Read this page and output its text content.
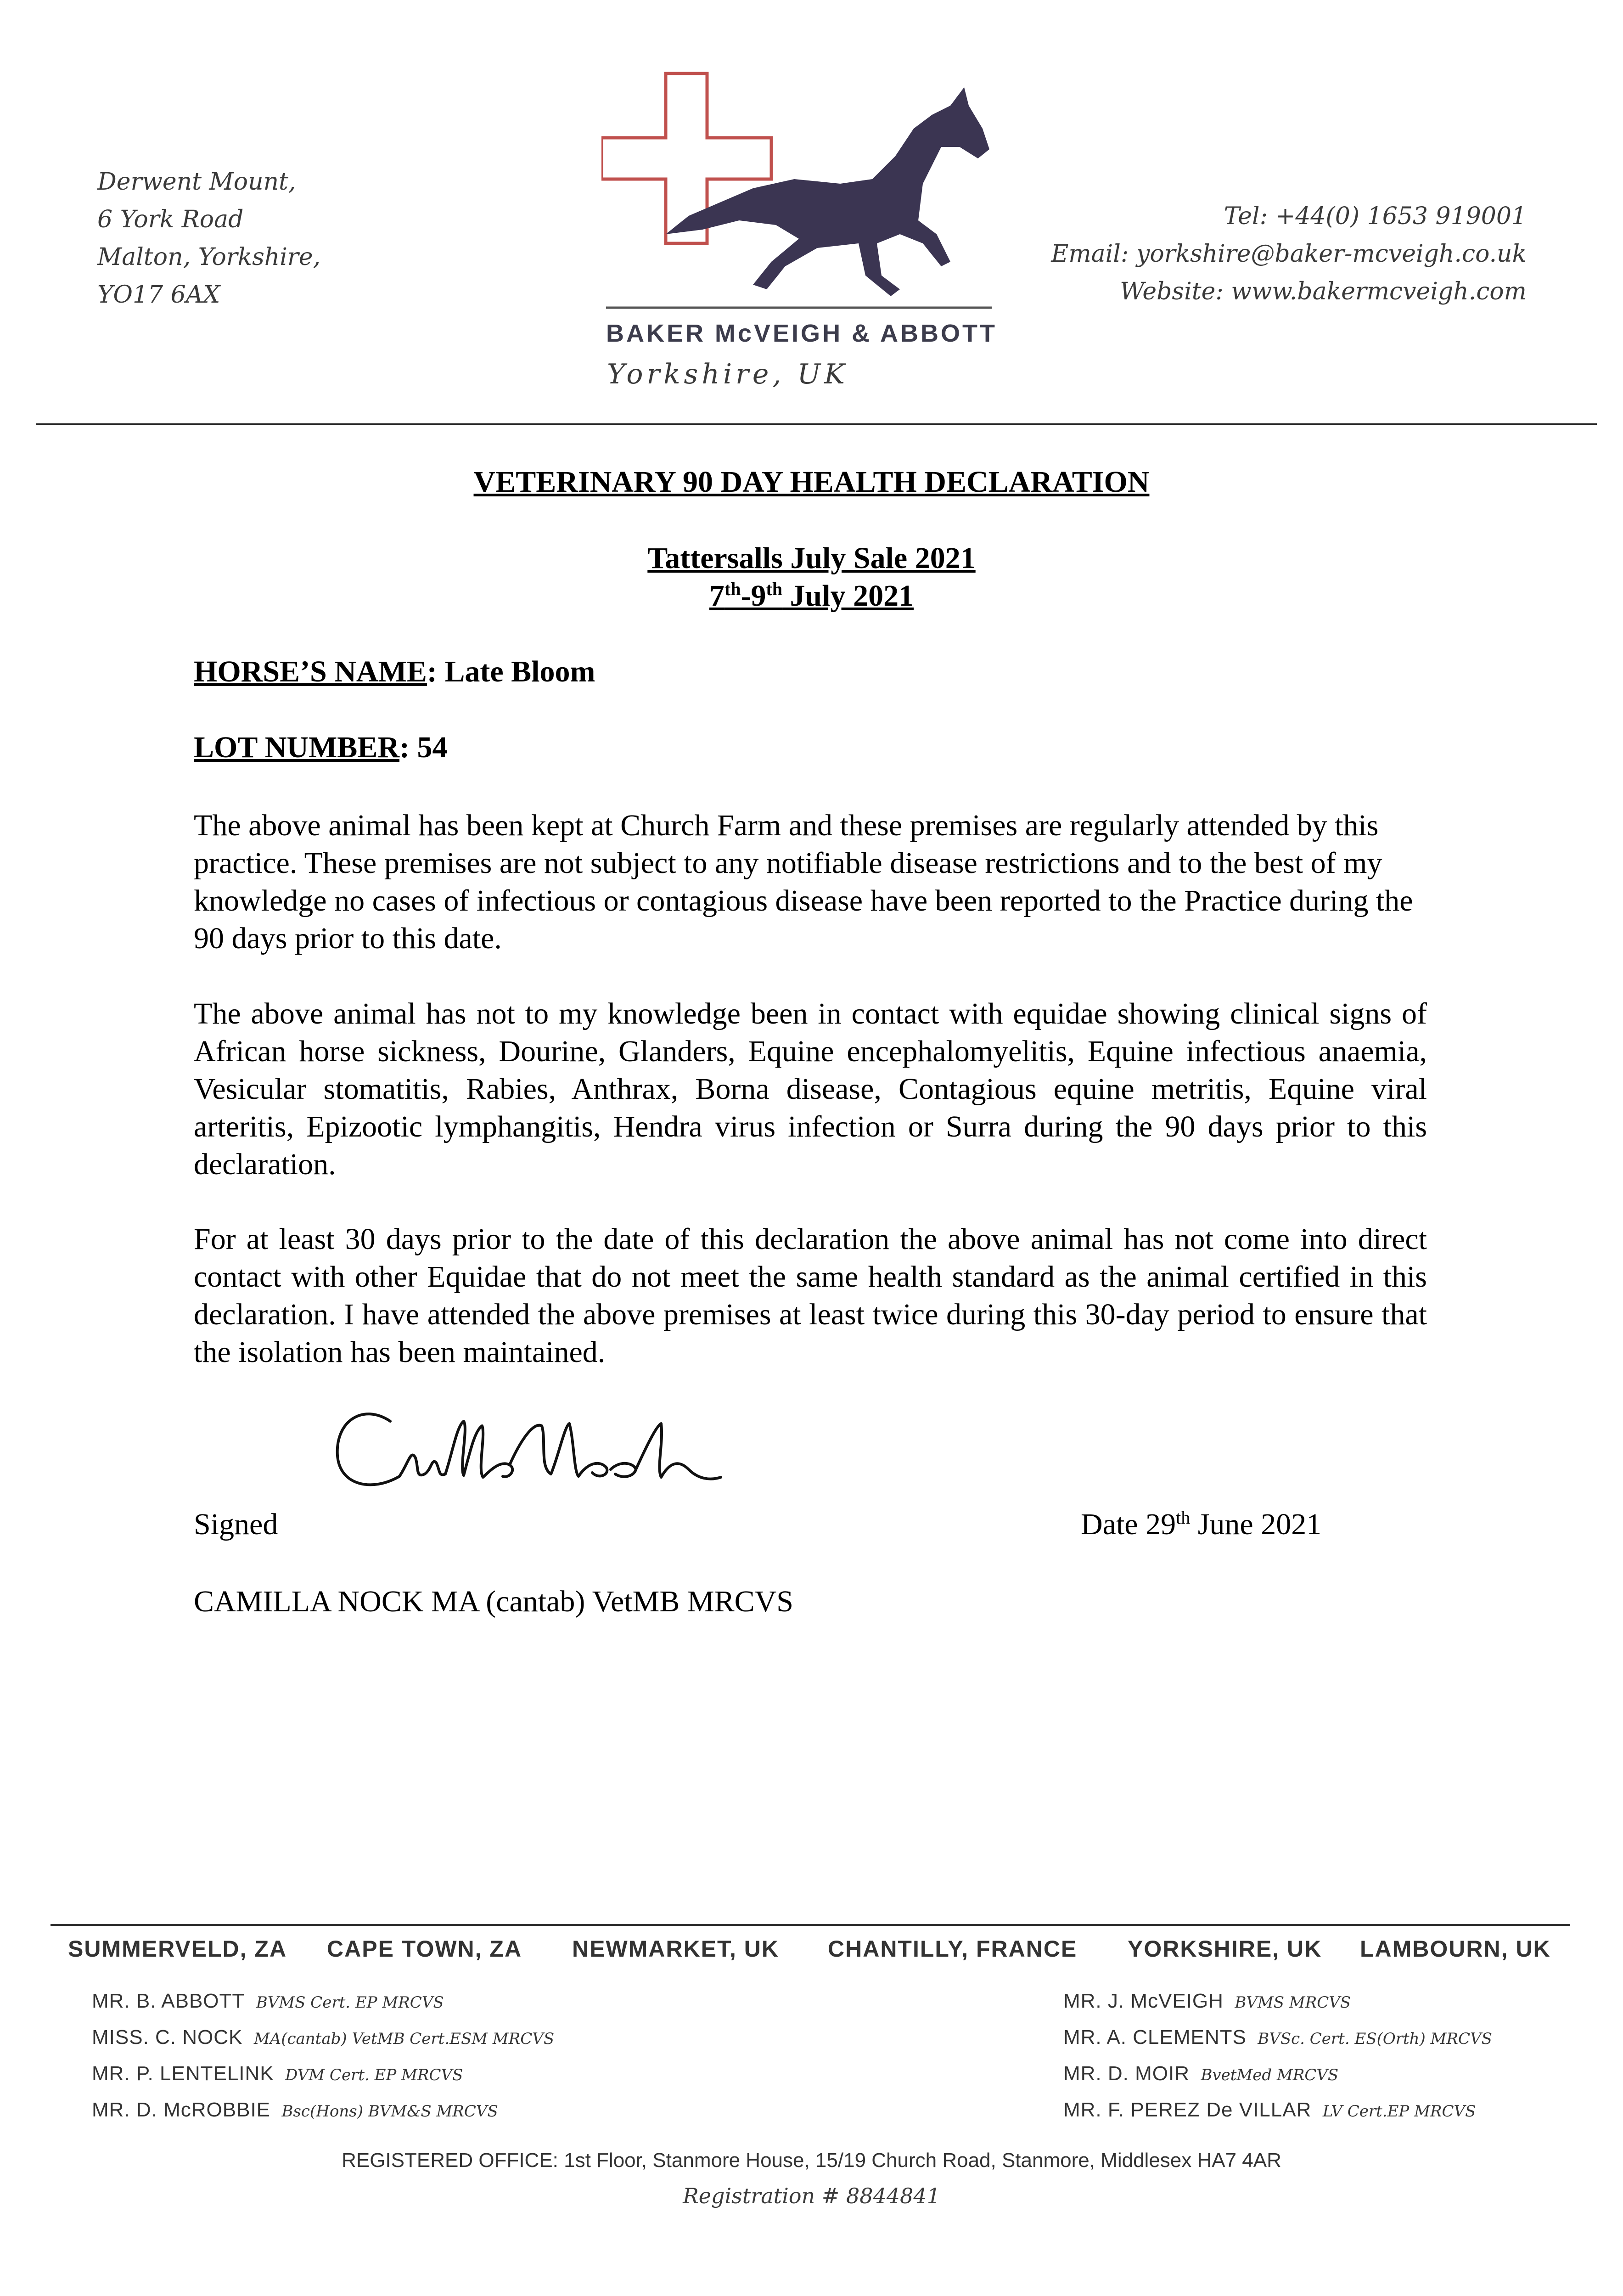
Derwent Mount,
6 York Road
Malton, Yorkshire,
YO17 6AX
BAKER McVEIGH & ABBOTT
Yorkshire, UK
Tel: +44(0) 1653 919001
Email: yorkshire@baker-mcveigh.co.uk
Website: www.bakermcveigh.com
VETERINARY 90 DAY HEALTH DECLARATION
Tattersalls July Sale 2021
7th-9th July 2021
HORSE’S NAME: Late Bloom
LOT NUMBER: 54
The above animal has been kept at Church Farm and these premises are regularly attended by this practice. These premises are not subject to any notifiable disease restrictions and to the best of my knowledge no cases of infectious or contagious disease have been reported to the Practice during the 90 days prior to this date.
The above animal has not to my knowledge been in contact with equidae showing clinical signs of African horse sickness, Dourine, Glanders, Equine encephalomyelitis, Equine infectious anaemia, Vesicular stomatitis, Rabies, Anthrax, Borna disease, Contagious equine metritis, Equine viral arteritis, Epizootic lymphangitis, Hendra virus infection or Surra during the 90 days prior to this declaration.
For at least 30 days prior to the date of this declaration the above animal has not come into direct contact with other Equidae that do not meet the same health standard as the animal certified in this declaration. I have attended the above premises at least twice during this 30-day period to ensure that the isolation has been maintained.
Signed	Date 29th June 2021
CAMILLA NOCK MA (cantab) VetMB MRCVS
SUMMERVELD, ZA CAPE TOWN, ZA NEWMARKET, UK CHANTILLY, FRANCE YORKSHIRE, UK LAMBOURN, UK
MR. B. ABBOTT BVMS Cert. EP MRCVS
MISS. C. NOCK MA(cantab) VetMB Cert.ESM MRCVS
MR. P. LENTELINK DVM Cert. EP MRCVS
MR. D. McROBBIE Bsc(Hons) BVM&S MRCVS
MR. J. McVEIGH BVMS MRCVS
MR. A. CLEMENTS BVSc. Cert. ES(Orth) MRCVS
MR. D. MOIR BvetMed MRCVS
MR. F. PEREZ De VILLAR LV Cert.EP MRCVS
REGISTERED OFFICE: 1st Floor, Stanmore House, 15/19 Church Road, Stanmore, Middlesex HA7 4AR
Registration # 8844841
